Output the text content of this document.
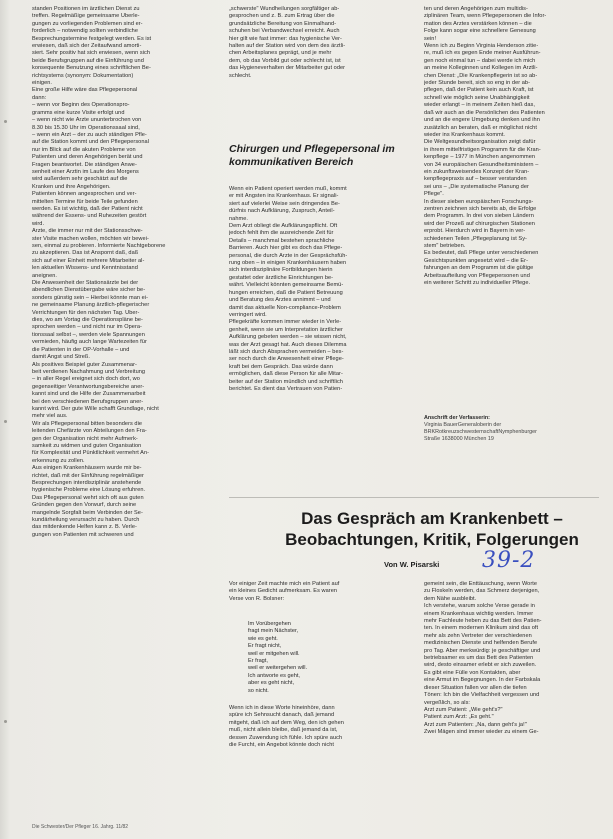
standen Positionen im ärztlichen Dienst zu
treffen. Regelmäßige gemeinsame Überle-
gungen zu vorliegenden Problemen sind er-
forderlich – notwendig sollten verbindliche
Besprechungstermine festgelegt werden. Es ist
erwiesen, daß sich der Zeitaufwand amorti-
siert. Sehr positiv hat sich erwiesen, wenn sich
beide Berufsgruppen auf die Einführung und
konsequente Benutzung eines schriftlichen Be-
richtsystems (synonym: Dokumentation)
einigen.
Eine große Hilfe wäre das Pflegepersonal
dann:
– wenn vor Beginn des Operationspro-
gramms eine kurze Visite erfolgt und
– wenn nicht wie Ärzte ununterbrochen von
8.30 bis 15.30 Uhr im Operationssaal sind,
– wenn ein Arzt – der zu auch ständigen Pfle-
auf die Station kommt und den Pflegepersonal
nur im Blick auf die akuten Probleme von
Patienten und deren Angehörigen berät und
Fragen beantwortet. Die ständigen Anwe-
senheit einer Ärztin im Laufe des Morgens
wird außerdem sehr geschätzt auf die
Kranken und ihre Angehörigen.
Patienten können angesprochen und ver-
mittelten Termine für beide Teile gefunden
werden. Es ist wichtig, daß der Patient nicht
während der Essens- und Ruhezeiten gestört
wird.
Ärzte, die immer nur mit der Stationsschwe-
ster Visite machen wollen, möchten wir bewei-
sen, einmal zu probieren. Informierte Nachtgeborene
zu akzeptieren. Das ist Anspornt daß, daß
sich auf einer Einheit mehrere Mitarbeiter al-
len aktuellen Wissens- und Kenntnisstand
aneignen.
Die Anwesenheit der Stationsärzte bei der
abendlichen Dienstübergabe wäre sicher be-
sonders günstig sein – Hierbei könnte man ei-
ne gemeinsame Planung ärztlich-pflegerischer
Verrichtungen für den nächsten Tag. Über-
dies, wo am Vortag die Operationspläne be-
sprochen werden – und nicht nur im Opera-
tionssaal selbst –, werden viele Spannungen
vermieden, häufig auch lange Wartezeiten für
die Patienten in der OP-Vorhalle – und
damit Angst und Streß.
Als positives Beispiel guter Zusammenar-
beit verdienen Nachahmung und Verbreitung
– in aller Regel ereignet sich doch dort, wo
gegenseitiger Verantwortungsbereiche aner-
kannt sind und die Hilfe der Zusammenarbeit
bei den verschiedenen Berufsgruppen aner-
kannt wird. Der gute Wille schafft Grundlage, nicht
mehr viel aus.
Wir als Pflegepersonal bitten besonders die
leitenden Chefärzte von Abteilungen den Fra-
gen der Organisation nicht mehr Aufmerk-
samkeit zu widmen und guten Organisation
für Komplexität und Pünktlichkeit vermehrt An-
erkennung zu zollen.
Aus einigen Krankenhäusern wurde mir be-
richtet, daß mit der Einführung regelmäßiger
Besprechungen interdisziplinär anstehende
hygienische Probleme eine Lösung erfuhren.
Das Pflegepersonal wehrt sich oft aus guten
Gründen gegen den Vorwurf, durch seine
mangelnde Sorgfalt beim Verbinden der Se-
kundärheilung verursacht zu haben. Durch
das mitdenkende Helfen kann z. B. Verle-
gungen von Patienten mit schweren und
„schwerste" Wundheilungen sorgfältiger ab-
gesprochen und z. B. zum Ertrag über die
grundsätzliche Bereitung von Einmalhand-
schuhen bei Verbandwechsel erreicht. Auch
hier gilt wie fast immer: das hygienische Ver-
halten auf der Station wird von dem des ärztli-
chen Arbeitsplanes geprägt, und je mehr
dem, ob das Vorbild gut oder schlecht ist, ist
das Hygieneverhalten der Mitarbeiter gut oder
schlecht.
Chirurgen und Pflegepersonal im kommunikativen Bereich
Wenn ein Patient operiert werden muß, kommt
er mit Ängsten ins Krankenhaus. Er signali-
siert auf vielerlei Weise sein dringendes Be-
dürfnis nach Aufklärung, Zuspruch, Anteil-
nahme.
Dem Arzt obliegt die Aufklärungspflicht. Oft
jedoch fehlt ihm die ausreichende Zeit für
Details – manchmal bestehen sprachliche
Barrieren. Auch hier gibt es doch das Pflege-
personal, die durch Ärzte in der Gesprächsfüh-
rung oben – in einigen Krankenhäusern haben
sich interdisziplinäre Fortbildungen hierin
gestattet oder ärztliche Einrichtungen be-
währt. Vielleicht könnten gemeinsame Bemü-
hungen erreichen, daß die Patient Betreuung
und Beratung des Arztes annimmt – und
damit das aktuelle Non-compliance-Problem
verringert wird.
Pflegekräfte kommen immer wieder in Verle-
genheit, wenn sie um Interpretation ärztlicher
Aufklärung gebeten werden – sie wissen nicht,
was der Arzt gesagt hat. Auch dieses Dilemma
läßt sich durch Absprachen vermeiden – bes-
ser noch durch die Anwesenheit einer Pflege-
kraft bei dem Gespräch. Das würde dann
ermöglichen, daß diese Person für alle Mitar-
beiter auf der Station mündlich und schriftlich
berichtet. Es dient das Vertrauen von Patien-
ten und deren Angehörigen zum multidis-
ziplinären Team, wenn Pflegepersonen die Infor-
mation des Arztes verstärken können – die
Folge kann sogar eine schnellere Genesung
sein!
Wenn ich zu Beginn Virginia Henderson zitie-
re, muß ich es gegen Ende meiner Ausführun-
gen noch einmal tun – dabei werde ich mich
an meine Kolleginnen und Kollegen im Ärztli-
chen Dienst: „Die Krankenpflegerin ist so ab-
jeder Stunde bereit, sich so eng in der ab-
pflegen, daß der Patient kein auch Kraft, ist
schnell wie möglich seine Unabhängigkeit
wieder erlangt – in meinem Zeiten hieß das,
daß wir auch an die Persönlichen des Patienten
und an die engere Umgebung denken und ihn
zusätzlich an beraten, daß er möglichst nicht
wieder ins Krankenhaus kommt.
Die Weltgesundheitsorganisation zeigt dafür
in ihrem mittelfristigen Programm für die Kran-
kenpflege – 1977 in München angenommen
von 34 europäischen Gesundheitsministern –
ein zukunftsweisendes Konzept der Kran-
kenpflegepraxis auf – besser verstanden
sei uns – „Die systematische Planung der
Pflege".
In dieser sieben europäischen Forschungs-
zentren zeichnen sich bereits ab, die Erfolge
dem Programm. In drei von sieben Ländern
wird der Prozeß auf chirurgischen Stationen
erprobt. Hierdurch wird in Bayern in ver-
schiedenen Teilen „Pflegeplanung ist Sy-
stem" betrieben.
Es bedeutet, daß Pflege unter verschiedenen
Gesichtspunkten angesetzt wird – die Er-
fahrungen an dem Programm ist die gültige
Arbeitsaufteilung von Pflegepersonen und
ein weiterer Schritt zu individueller Pflege.
Anschrift der Verfasserin:
Virginia BauerGeneraloberin der BRKRotkreuzschwesternschaftNymphenburger Straße 1638000 München 19
Das Gespräch am Krankenbett – Beobachtungen, Kritik, Folgerungen
39-2
Von W. Pisarski
Vor einiger Zeit machte mich ein Patient auf
ein kleines Gedicht aufmerksam. Es waren
Verse von R. Bolsner:
Im Vorübergehen
fragt mein Nächster,
wie es geht.
Er fragt nicht,
weil er mitgehen will.
Er fragt,
weil er weitergehen will.
Ich antworte es geht,
aber es geht nicht,
so nicht.
Wenn ich in diese Worte hineinhöre, dann
spüre ich Sehnsucht danach, daß jemand
mitgeht, daß ich auf dem Weg, den ich gehen
muß, nicht allein bleibe, daß jemand da ist,
dessen Zuwendung ich fühle. Ich spüre auch
die Furcht, ein Angebot könnte doch nicht
gemeint sein, die Enttäuschung, wenn Worte
zu Floskeln werden, das Schmerz derjenigen,
dem Nähe ausbleibt.
Ich verstehe, warum solche Verse gerade in
einem Krankenhaus wichtig werden. Immer
mehr Fachleute heben zu das Bett des Patien-
ten. In einem modernen Klinikum sind das oft
mehr als zehn Vertreter der verschiedenen
medizinischen Dienste und helfenden Berufe
pro Tag. Aber merkwürdig: je geschäftiger und
betriebsamer es um das Bett des Patienten
wird, desto einsamer erlebt er sich zuweilen.
Es gibt eine Fülle von Kontakten, aber
eine Armut im Begegnungen. In der Farbskala
dieser Situation fallen vor allen die tiefen
Tönen: Ich bin die Vielfachheit vergessen und
vergeßlich, so als:
Arzt zum Patient: „Wie geht's?"
Patient zum Arzt: „Es geht."
Arzt zum Patienten: „Na, dann geht's ja!"
Zwei Mägen sind immer wieder zu einem Ge-
Die Schwester/Der Pfleger 16. Jahrg. 11/82
